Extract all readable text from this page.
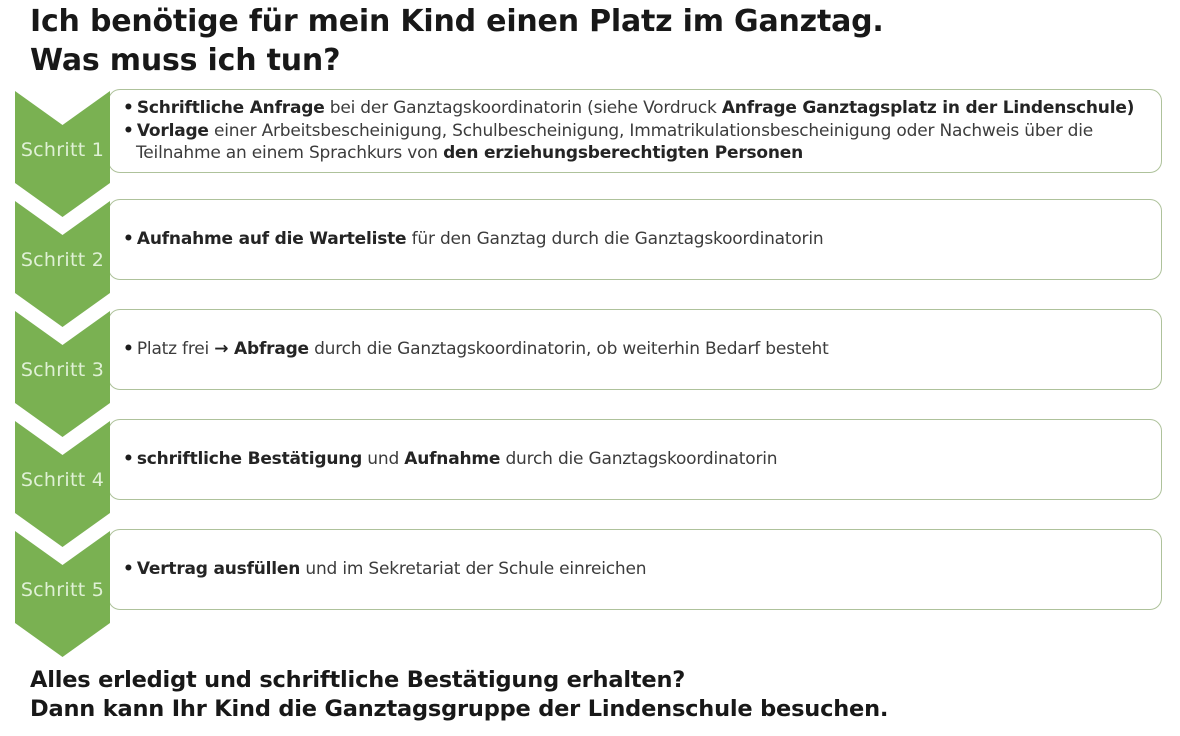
Ich benötige für mein Kind einen Platz im Ganztag.
Was muss ich tun?
• Schriftliche Anfrage bei der Ganztagskoordinatorin (siehe Vordruck Anfrage Ganztagsplatz in der Lindenschule)
• Vorlage einer Arbeitsbescheinigung, Schulbescheinigung, Immatrikulationsbescheinigung oder Nachweis über die Teilnahme an einem Sprachkurs von den erziehungsberechtigten Personen
Schritt 1
• Aufnahme auf die Warteliste für den Ganztag durch die Ganztagskoordinatorin
Schritt 2
• Platz frei → Abfrage durch die Ganztagskoordinatorin, ob weiterhin Bedarf besteht
Schritt 3
• schriftliche Bestätigung und Aufnahme durch die Ganztagskoordinatorin
Schritt 4
• Vertrag ausfüllen und im Sekretariat der Schule einreichen
Schritt 5
Alles erledigt und schriftliche Bestätigung erhalten?
Dann kann Ihr Kind die Ganztagsgruppe der Lindenschule besuchen.
